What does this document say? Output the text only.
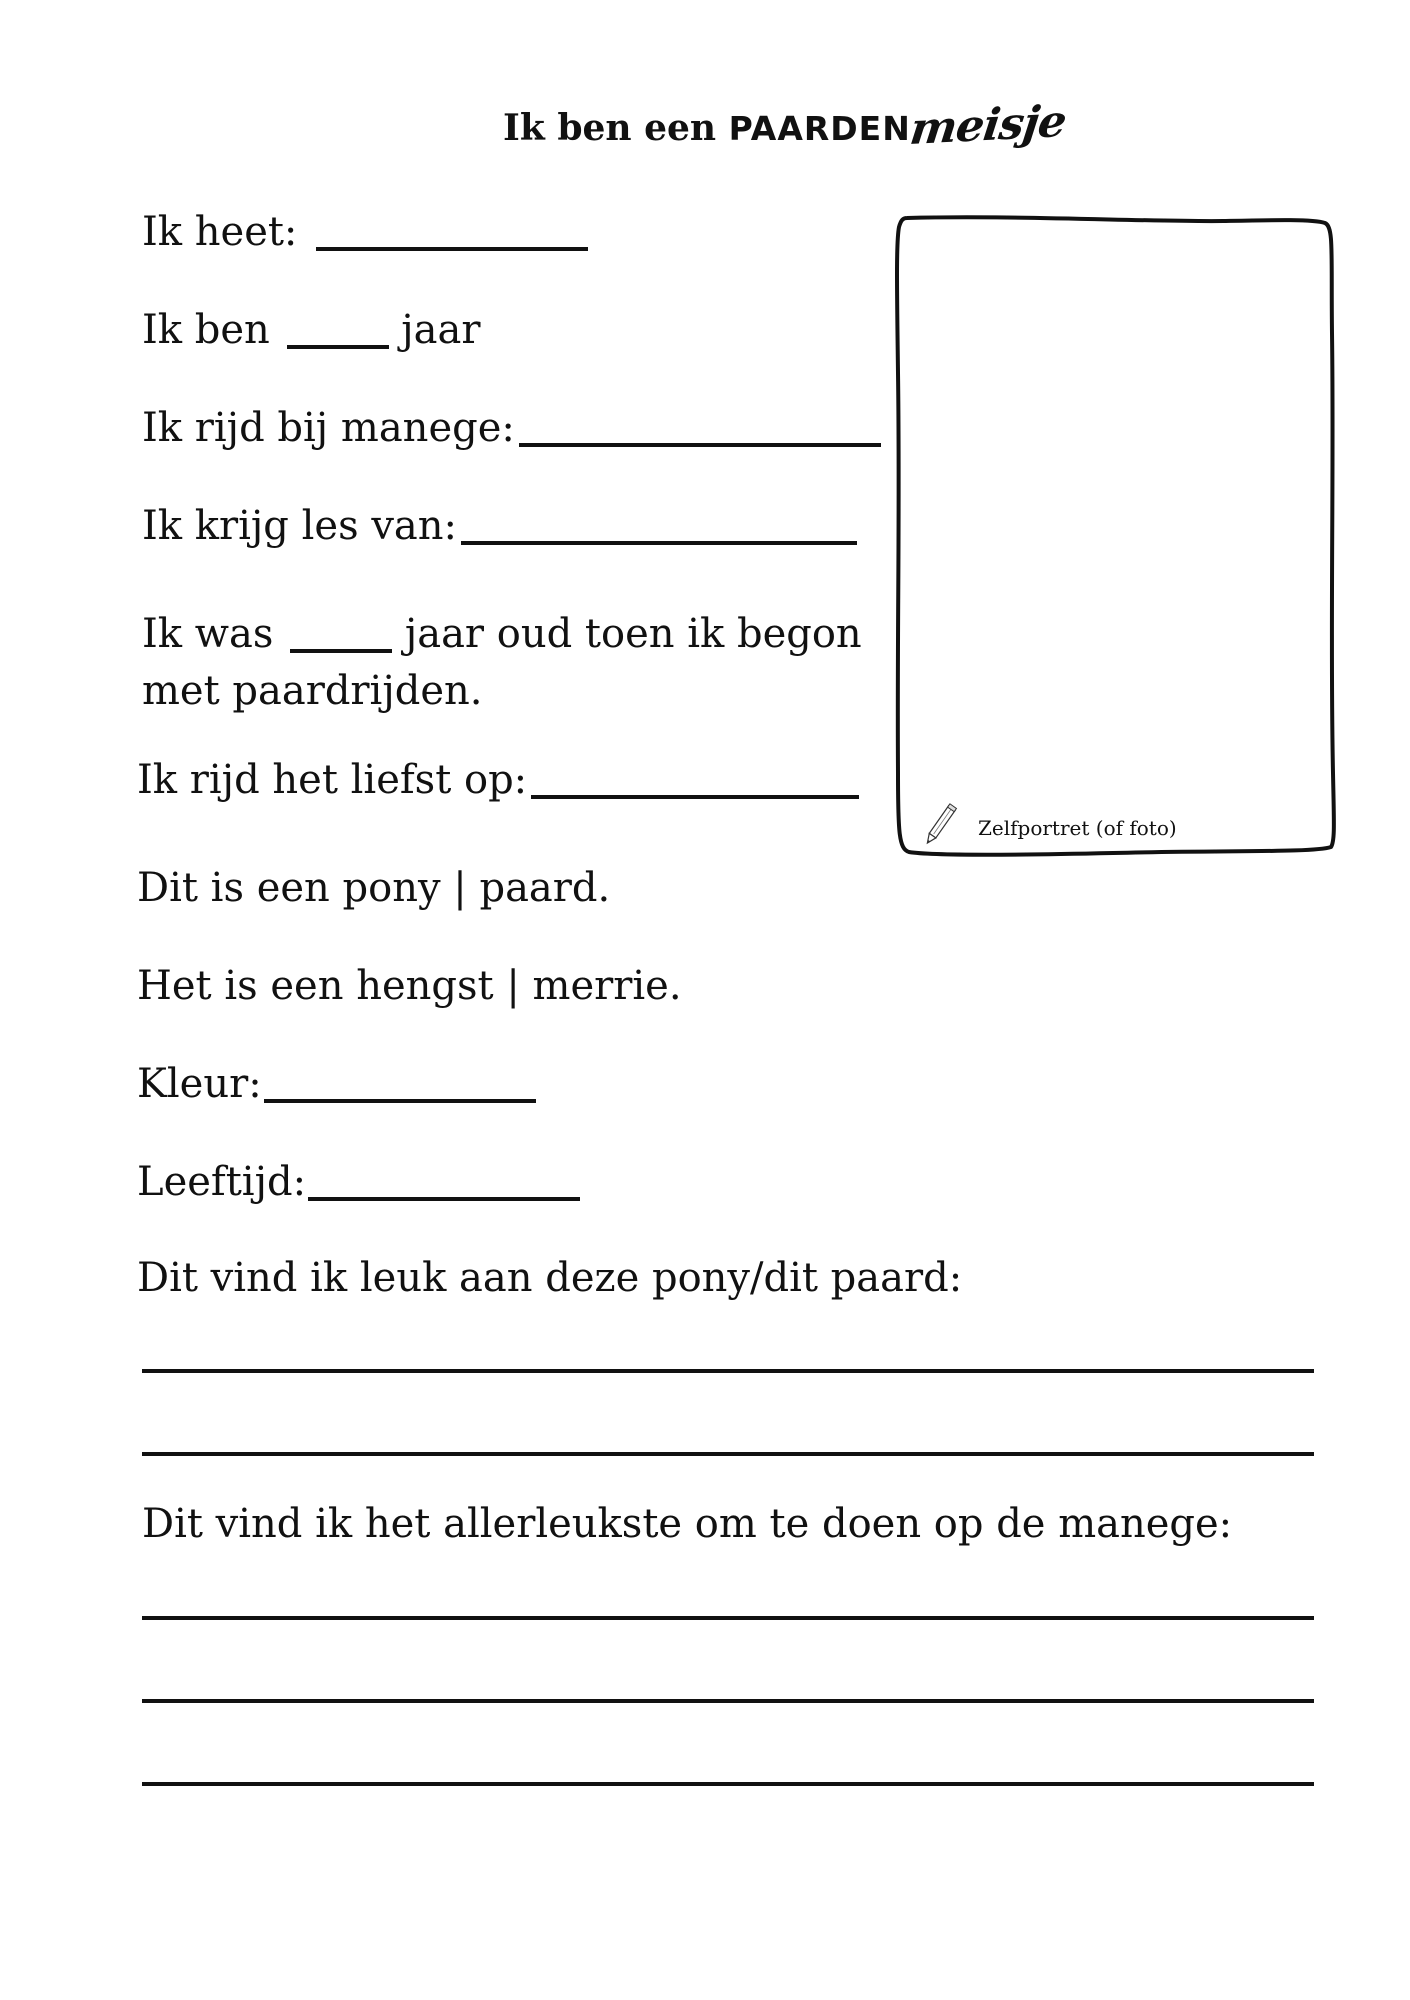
Ik ben een PAARDENmeisje
Ik heet:
Ik ben	jaar
Ik rijd bij manege:
Ik krijg les van:
Ik was	jaar oud toen ik begon
met paardrijden.
Ik rijd het liefst op:
Dit is een pony | paard.
Het is een hengst | merrie.
Kleur:
Leeftijd:
Dit vind ik leuk aan deze pony/dit paard:
Dit vind ik het allerleukste om te doen op de manege:
Zelfportret (of foto)
